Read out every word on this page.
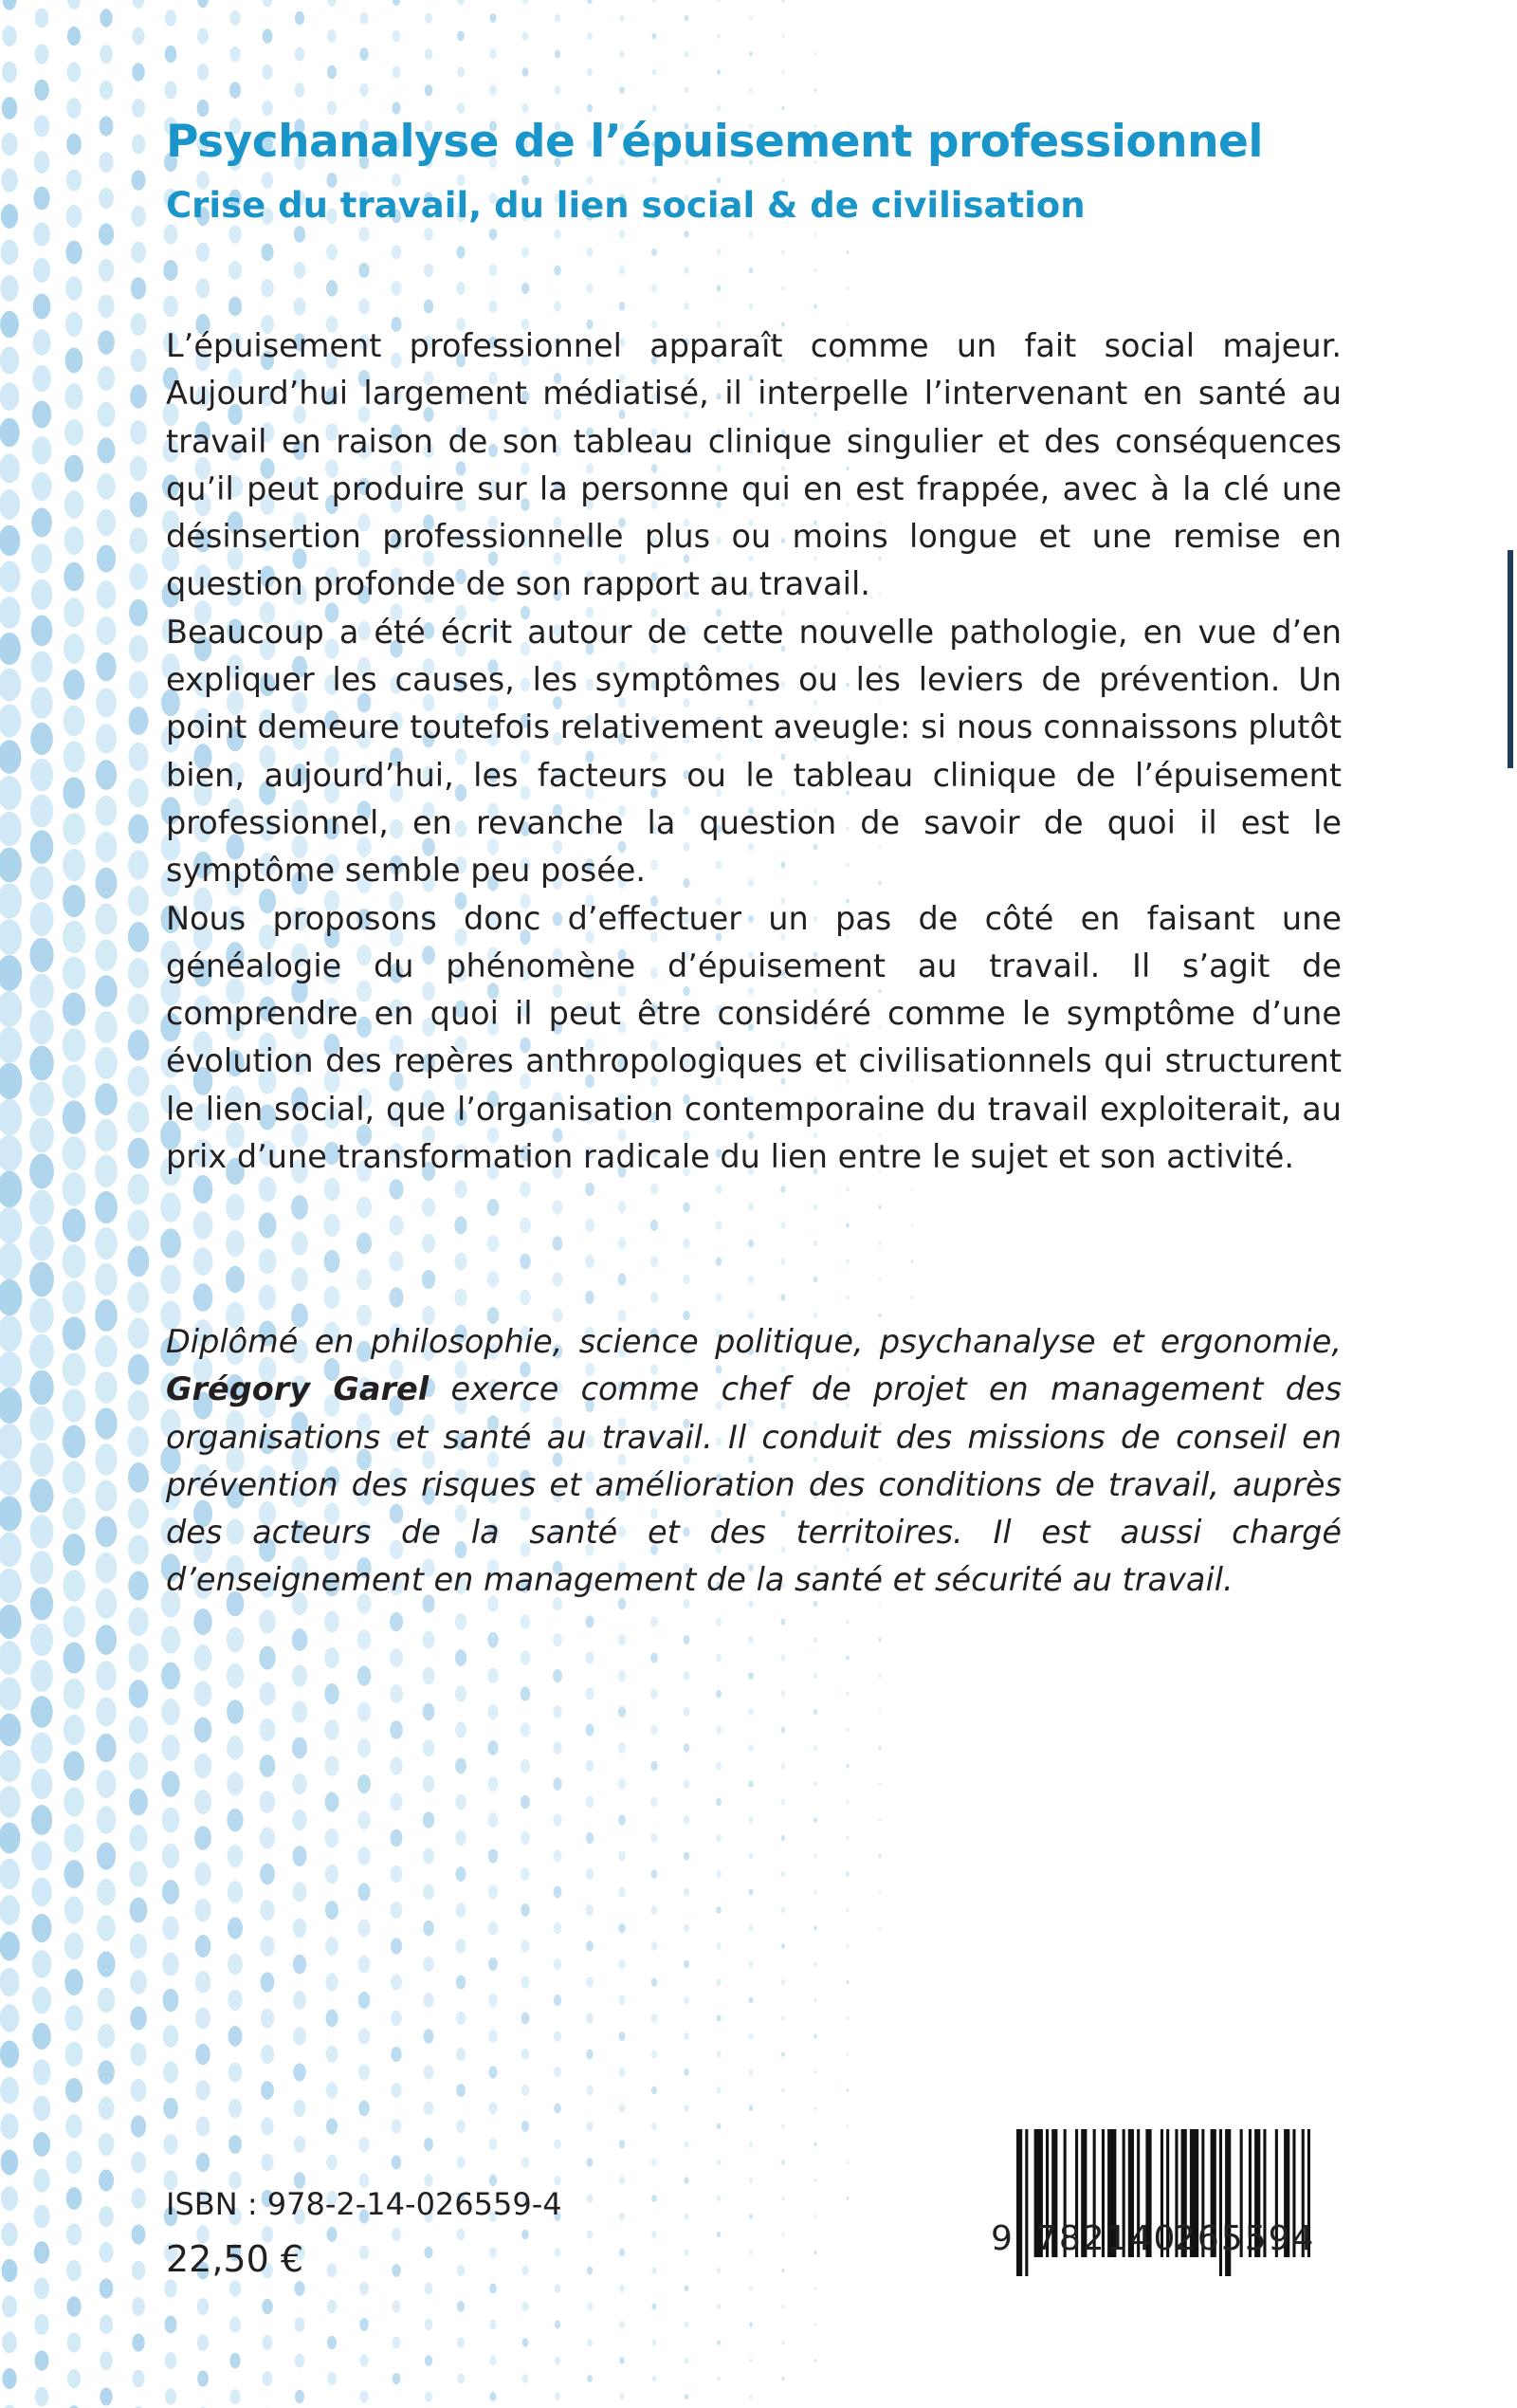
Psychanalyse de l’épuisement professionnel
Crise du travail, du lien social & de civilisation

L’épuisement professionnel apparaît comme un fait social majeur. Aujourd’hui largement médiatisé, il interpelle l’intervenant en santé au travail en raison de son tableau clinique singulier et des conséquences qu’il peut produire sur la personne qui en est frappée, avec à la clé une désinsertion professionnelle plus ou moins longue et une remise en question profonde de son rapport au travail.

Beaucoup a été écrit autour de cette nouvelle pathologie, en vue d’en expliquer les causes, les symptômes ou les leviers de prévention. Un point demeure toutefois relativement aveugle: si nous connaissons plutôt bien, aujourd’hui, les facteurs ou le tableau clinique de l’épuisement professionnel, en revanche la question de savoir de quoi il est le symptôme semble peu posée.

Nous proposons donc d’effectuer un pas de côté en faisant une généalogie du phénomène d’épuisement au travail. Il s’agit de comprendre en quoi il peut être considéré comme le symptôme d’une évolution des repères anthropologiques et civilisationnels qui structurent le lien social, que l’organisation contemporaine du travail exploiterait, au prix d’une transformation radicale du lien entre le sujet et son activité.

Diplômé en philosophie, science politique, psychanalyse et ergonomie, Grégory Garel exerce comme chef de projet en management des organisations et santé au travail. Il conduit des missions de conseil en prévention des risques et amélioration des conditions de travail, auprès des acteurs de la santé et des territoires. Il est aussi chargé d’enseignement en management de la santé et sécurité au travail.

ISBN : 978-2-14-026559-4

22,50 €	9 782140
265594
